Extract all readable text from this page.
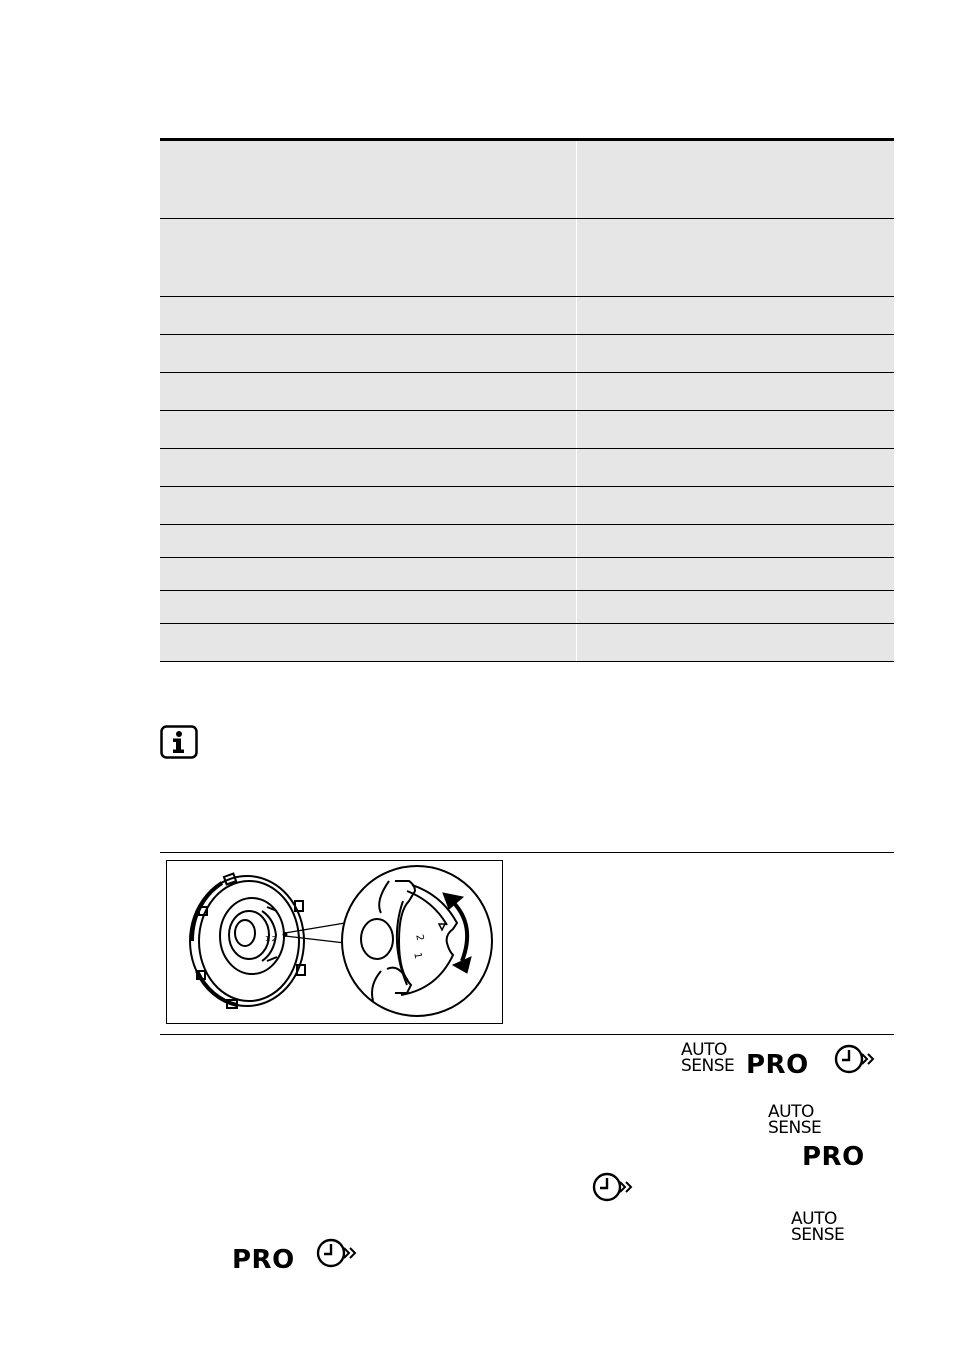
1 2	2
1
AUTO
SENSE PRO
AUTO
SENSE
PRO
AUTO
SENSE
PRO
